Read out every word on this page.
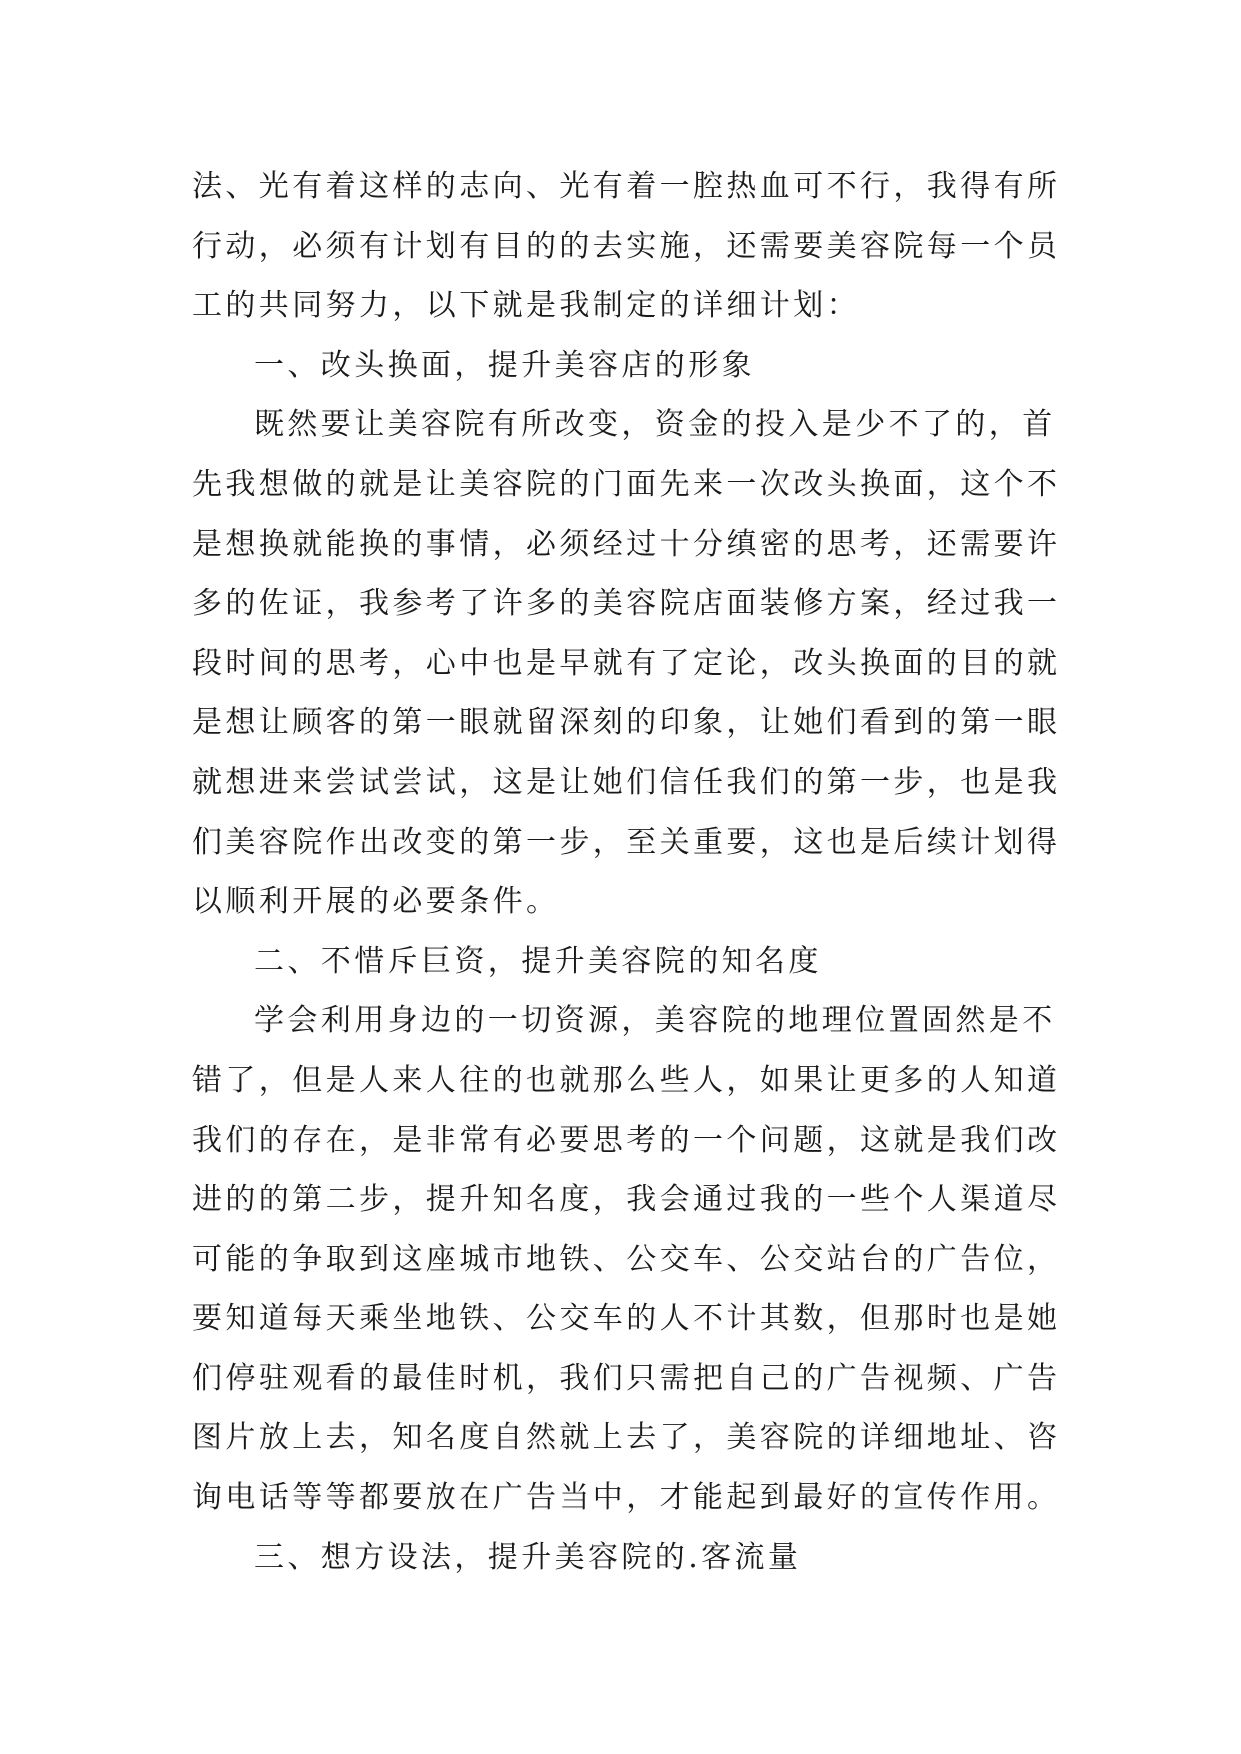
法、光有着这样的志向、光有着一腔热血可不行，我得有所
行动，必须有计划有目的的去实施，还需要美容院每一个员
工的共同努力，以下就是我制定的详细计划：
一、改头换面，提升美容店的形象
既然要让美容院有所改变，资金的投入是少不了的，首
先我想做的就是让美容院的门面先来一次改头换面，这个不
是想换就能换的事情，必须经过十分缜密的思考，还需要许
多的佐证，我参考了许多的美容院店面装修方案，经过我一
段时间的思考，心中也是早就有了定论，改头换面的目的就
是想让顾客的第一眼就留深刻的印象，让她们看到的第一眼
就想进来尝试尝试，这是让她们信任我们的第一步，也是我
们美容院作出改变的第一步，至关重要，这也是后续计划得
以顺利开展的必要条件。
二、不惜斥巨资，提升美容院的知名度
学会利用身边的一切资源，美容院的地理位置固然是不
错了，但是人来人往的也就那么些人，如果让更多的人知道
我们的存在，是非常有必要思考的一个问题，这就是我们改
进的的第二步，提升知名度，我会通过我的一些个人渠道尽
可能的争取到这座城市地铁、公交车、公交站台的广告位，
要知道每天乘坐地铁、公交车的人不计其数，但那时也是她
们停驻观看的最佳时机，我们只需把自己的广告视频、广告
图片放上去，知名度自然就上去了，美容院的详细地址、咨
询电话等等都要放在广告当中，才能起到最好的宣传作用。
三、想方设法，提升美容院的.客流量
